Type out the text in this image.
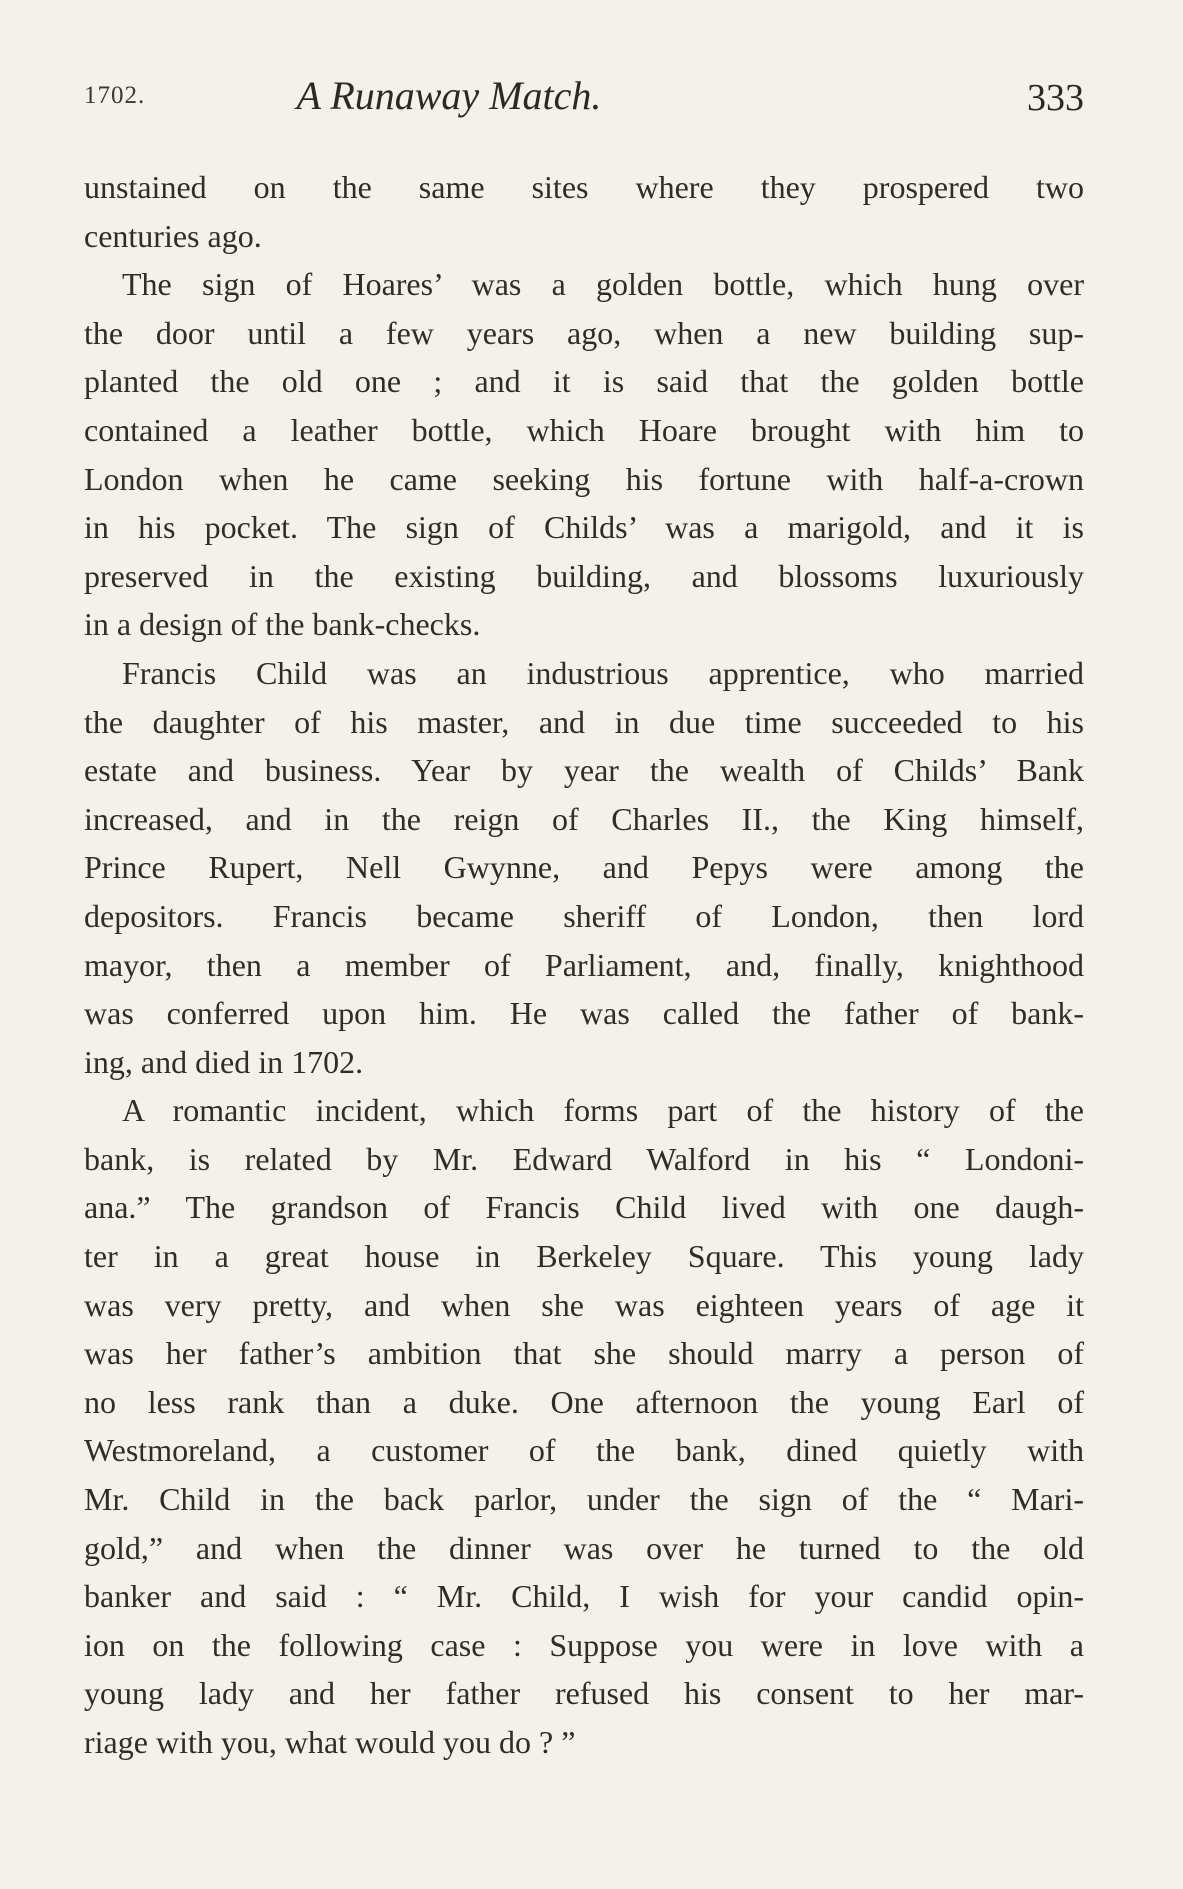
1702.	A Runaway Match.	333
unstained on the same sites where they prospered two
centuries ago.
The sign of Hoares’ was a golden bottle, which hung over
the door until a few years ago, when a new building sup-
planted the old one ; and it is said that the golden bottle
contained a leather bottle, which Hoare brought with him to
London when he came seeking his fortune with half-a-crown
in his pocket. The sign of Childs’ was a marigold, and it is
preserved in the existing building, and blossoms luxuriously
in a design of the bank-checks.
Francis Child was an industrious apprentice, who married
the daughter of his master, and in due time succeeded to his
estate and business. Year by year the wealth of Childs’ Bank
increased, and in the reign of Charles II., the King himself,
Prince Rupert, Nell Gwynne, and Pepys were among the
depositors. Francis became sheriff of London, then lord
mayor, then a member of Parliament, and, finally, knighthood
was conferred upon him. He was called the father of bank-
ing, and died in 1702.
A romantic incident, which forms part of the history of the
bank, is related by Mr. Edward Walford in his “ Londoni-
ana.” The grandson of Francis Child lived with one daugh-
ter in a great house in Berkeley Square. This young lady
was very pretty, and when she was eighteen years of age it
was her father’s ambition that she should marry a person of
no less rank than a duke. One afternoon the young Earl of
Westmoreland, a customer of the bank, dined quietly with
Mr. Child in the back parlor, under the sign of the “ Mari-
gold,” and when the dinner was over he turned to the old
banker and said : “ Mr. Child, I wish for your candid opin-
ion on the following case : Suppose you were in love with a
young lady and her father refused his consent to her mar-
riage with you, what would you do ? ”
